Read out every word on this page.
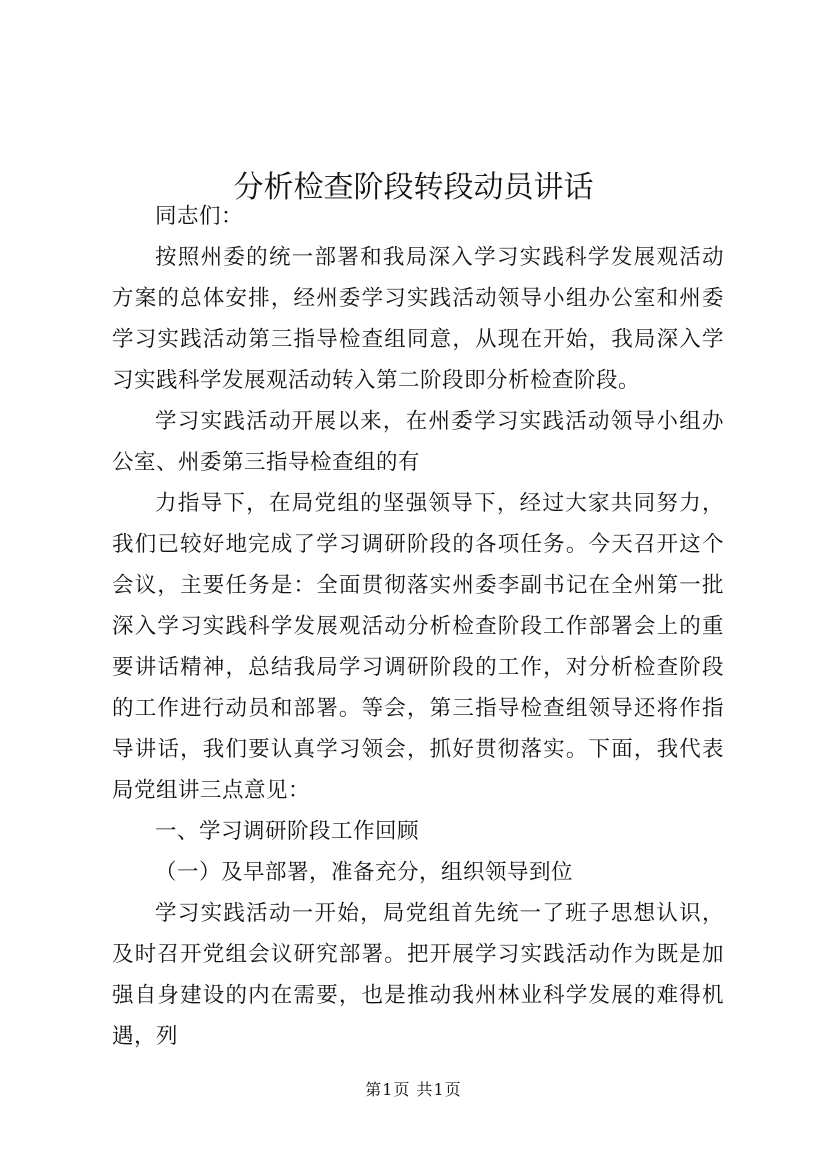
分析检查阶段转段动员讲话

同志们：

按照州委的统一部署和我局深入学习实践科学发展观活动方案的总体安排，经州委学习实践活动领导小组办公室和州委学习实践活动第三指导检查组同意，从现在开始，我局深入学习实践科学发展观活动转入第二阶段即分析检查阶段。

学习实践活动开展以来，在州委学习实践活动领导小组办公室、州委第三指导检查组的有

力指导下，在局党组的坚强领导下，经过大家共同努力，我们已较好地完成了学习调研阶段的各项任务。今天召开这个会议，主要任务是：全面贯彻落实州委李副书记在全州第一批深入学习实践科学发展观活动分析检查阶段工作部署会上的重要讲话精神，总结我局学习调研阶段的工作，对分析检查阶段的工作进行动员和部署。等会，第三指导检查组领导还将作指导讲话，我们要认真学习领会，抓好贯彻落实。下面，我代表局党组讲三点意见：

一、学习调研阶段工作回顾

（一）及早部署，准备充分，组织领导到位

学习实践活动一开始，局党组首先统一了班子思想认识，及时召开党组会议研究部署。把开展学习实践活动作为既是加强自身建设的内在需要，也是推动我州林业科学发展的难得机遇，列

第1页 共1页
